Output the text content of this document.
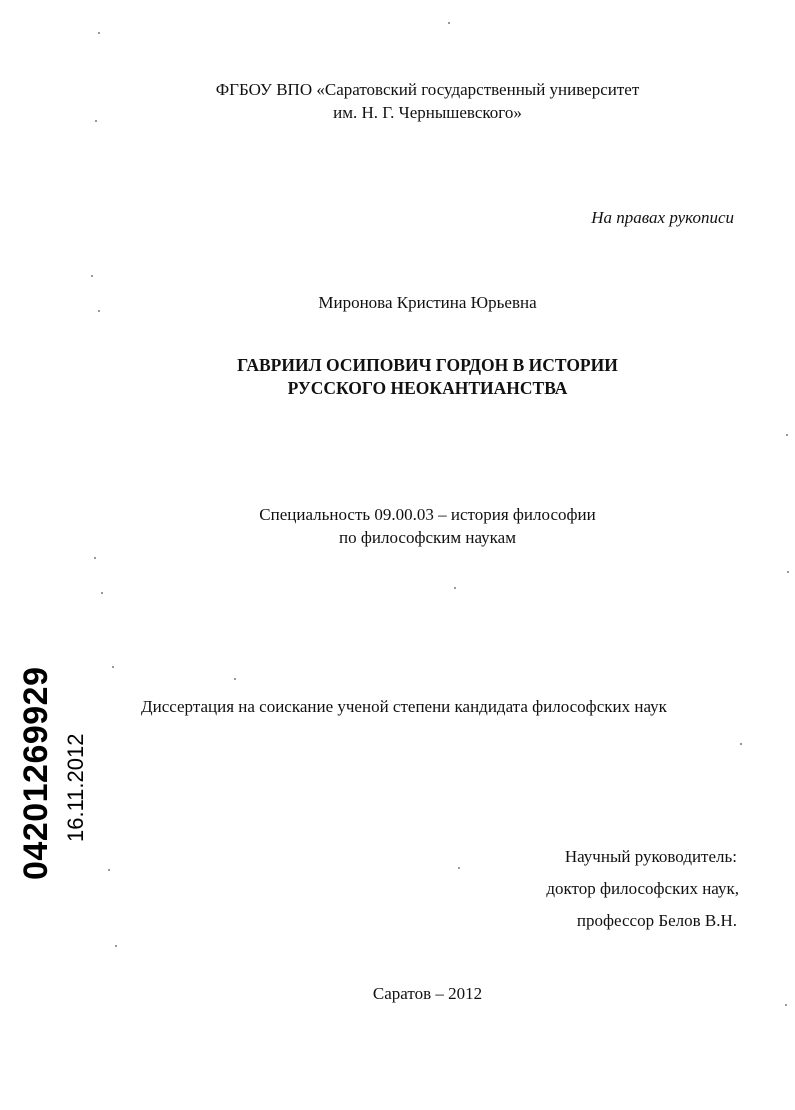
ФГБОУ ВПО «Саратовский государственный университет
им. Н. Г. Чернышевского»
На правах рукописи
Миронова Кристина Юрьевна
ГАВРИИЛ ОСИПОВИЧ ГОРДОН В ИСТОРИИ
РУССКОГО НЕОКАНТИАНСТВА
Специальность 09.00.03 – история философии
по философским наукам
Диссертация на соискание ученой степени кандидата философских наук
Научный руководитель:
доктор философских наук,
профессор Белов В.Н.
Саратов – 2012
04201269929 16.11.2012
